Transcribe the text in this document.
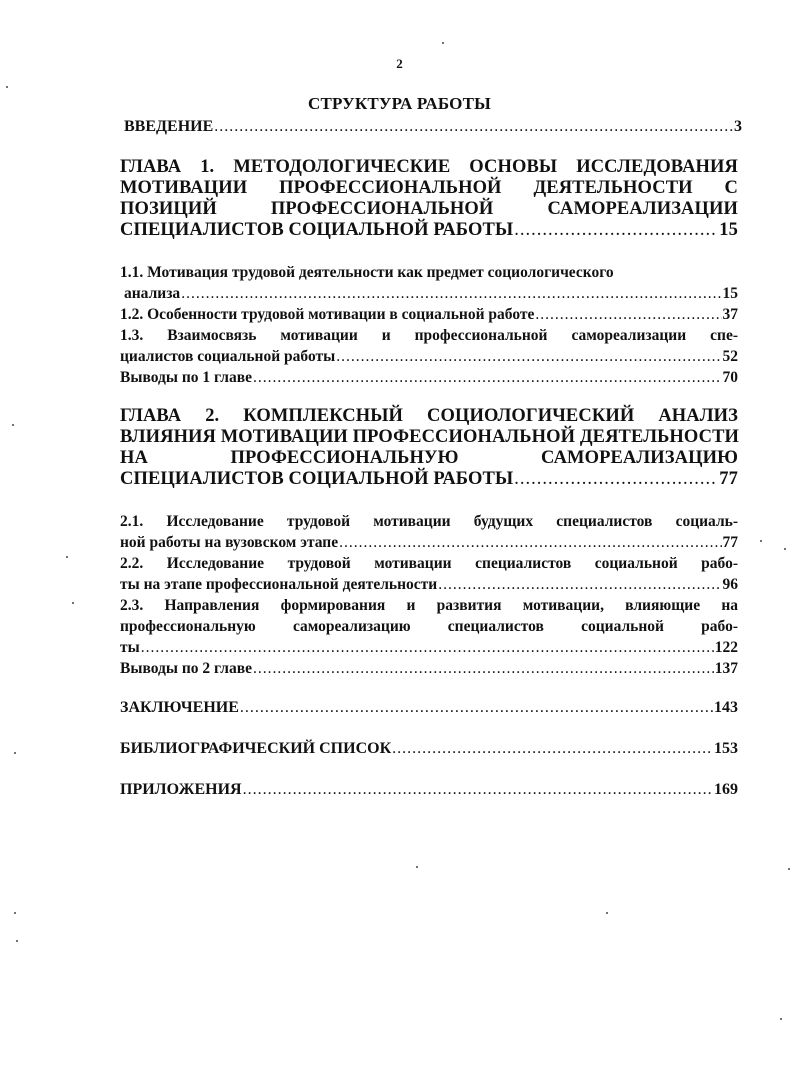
2
СТРУКТУРА РАБОТЫ
ВВЕДЕНИЕ .....	3
ГЛАВА 1. МЕТОДОЛОГИЧЕСКИЕ ОСНОВЫ ИССЛЕДОВАНИЯ
МОТИВАЦИИ ПРОФЕССИОНАЛЬНОЙ ДЕЯТЕЛЬНОСТИ С
ПОЗИЦИЙ ПРОФЕССИОНАЛЬНОЙ САМОРЕАЛИЗАЦИИ
СПЕЦИАЛИСТОВ СОЦИАЛЬНОЙ РАБОТЫ .....	15
1.1. Мотивация трудовой деятельности как предмет социологического
анализа .....	15
1.2. Особенности трудовой мотивации в социальной работе .....	37
1.3. Взаимосвязь мотивации и профессиональной самореализации спе-
циалистов социальной работы .....	52
Выводы по 1 главе .....	70
ГЛАВА 2. КОМПЛЕКСНЫЙ СОЦИОЛОГИЧЕСКИЙ АНАЛИЗ
ВЛИЯНИЯ МОТИВАЦИИ ПРОФЕССИОНАЛЬНОЙ ДЕЯТЕЛЬНОСТИ
НА ПРОФЕССИОНАЛЬНУЮ САМОРЕАЛИЗАЦИЮ
СПЕЦИАЛИСТОВ СОЦИАЛЬНОЙ РАБОТЫ .....	77
2.1. Исследование трудовой мотивации будущих специалистов социаль-
ной работы на вузовском этапе .....	77
2.2. Исследование трудовой мотивации специалистов социальной рабо-
ты на этапе профессиональной деятельности .....	96
2.3. Направления формирования и развития мотивации, влияющие на
профессиональную самореализацию специалистов социальной рабо-
ты .....	122
Выводы по 2 главе .....	137
ЗАКЛЮЧЕНИЕ .....	143
БИБЛИОГРАФИЧЕСКИЙ СПИСОК .....	153
ПРИЛОЖЕНИЯ .....	169
